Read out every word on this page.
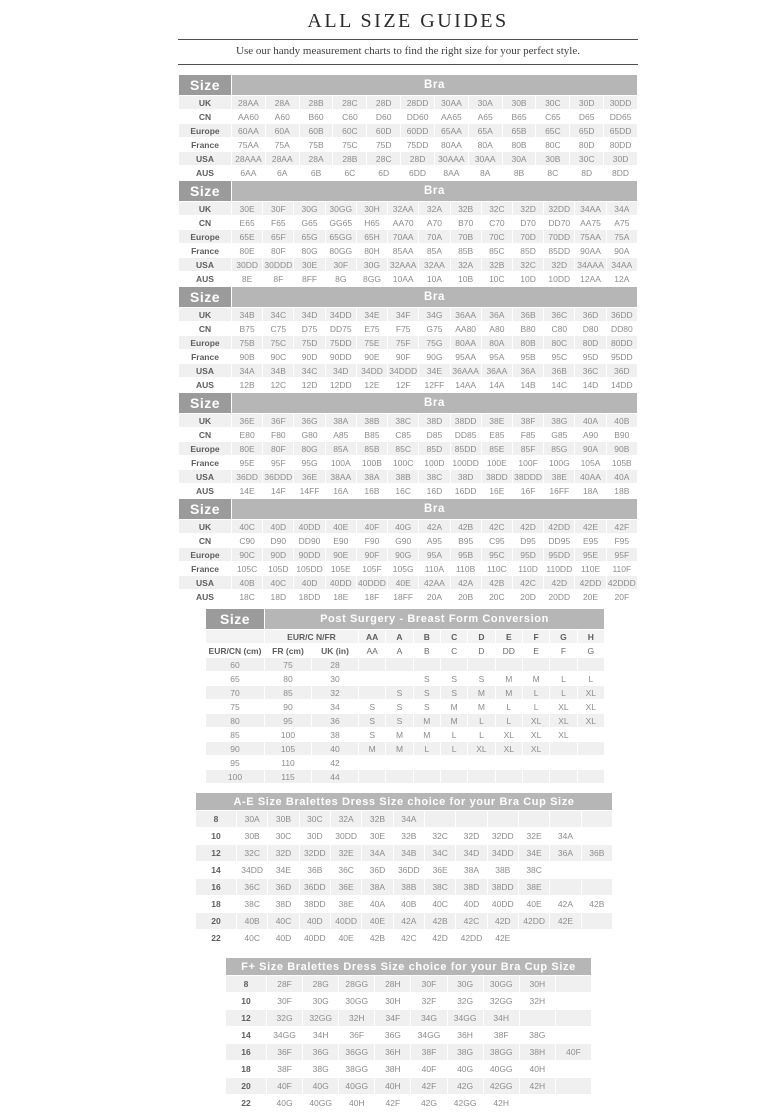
ALL SIZE GUIDES

Use our handy measurement charts to find the right size for your perfect style.

Size	Bra											
UK	28AA	28A	28B	28C	28D	28DD	30AA	30A	30B	30C	30D	30DD
CN	AA60	A60	B60	C60	D60	DD60	AA65	A65	B65	C65	D65	DD65
Europe	60AA	60A	60B	60C	60D	60DD	65AA	65A	65B	65C	65D	65DD
France	75AA	75A	75B	75C	75D	75DD	80AA	80A	80B	80C	80D	80DD
USA	28AAA	28AA	28A	28B	28C	28D	30AAA	30AA	30A	30B	30C	30D
AUS	6AA	6A	6B	6C	6D	6DD	8AA	8A	8B	8C	8D	8DD
Size	Bra												
UK	30E	30F	30G	30GG	30H	32AA	32A	32B	32C	32D	32DD	34AA	34A
CN	E65	F65	G65	GG65	H65	AA70	A70	B70	C70	D70	DD70	AA75	A75
Europe	65E	65F	65G	65GG	65H	70AA	70A	70B	70C	70D	70DD	75AA	75A
France	80E	80F	80G	80GG	80H	85AA	85A	85B	85C	85D	85DD	90AA	90A
USA	30DD	30DDD	30E	30F	30G	32AAA	32AA	32A	32B	32C	32D	34AAA	34AA
AUS	8E	8F	8FF	8G	8GG	10AA	10A	10B	10C	10D	10DD	12AA	12A
Size	Bra												
UK	34B	34C	34D	34DD	34E	34F	34G	36AA	36A	36B	36C	36D	36DD
CN	B75	C75	D75	DD75	E75	F75	G75	AA80	A80	B80	C80	D80	DD80
Europe	75B	75C	75D	75DD	75E	75F	75G	80AA	80A	80B	80C	80D	80DD
France	90B	90C	90D	90DD	90E	90F	90G	95AA	95A	95B	95C	95D	95DD
USA	34A	34B	34C	34D	34DD	34DDD	34E	36AAA	36AA	36A	36B	36C	36D
AUS	12B	12C	12D	12DD	12E	12F	12FF	14AA	14A	14B	14C	14D	14DD
Size	Bra												
UK	36E	36F	36G	38A	38B	38C	38D	38DD	38E	38F	38G	40A	40B
CN	E80	F80	G80	A85	B85	C85	D85	DD85	E85	F85	G85	A90	B90
Europe	80E	80F	80G	85A	85B	85C	85D	85DD	85E	85F	85G	90A	90B
France	95E	95F	95G	100A	100B	100C	100D	100DD	100E	100F	100G	105A	105B
USA	36DD	36DDD	36E	38AA	38A	38B	38C	38D	38DD	38DDD	38E	40AA	40A
AUS	14E	14F	14FF	16A	16B	16C	16D	16DD	16E	16F	16FF	18A	18B
Size	Bra												
UK	40C	40D	40DD	40E	40F	40G	42A	42B	42C	42D	42DD	42E	42F
CN	C90	D90	DD90	E90	F90	G90	A95	B95	C95	D95	DD95	E95	F95
Europe	90C	90D	90DD	90E	90F	90G	95A	95B	95C	95D	95DD	95E	95F
France	105C	105D	105DD	105E	105F	105G	110A	110B	110C	110D	110DD	110E	110F
USA	40B	40C	40D	40DD	40DDD	40E	42AA	42A	42B	42C	42D	42DD	42DDD
AUS	18C	18D	18DD	18E	18F	18FF	20A	20B	20C	20D	20DD	20E	20F
Size	Post Surgery - Breast Form Conversion										
	EUR/C N/FR		AA	A	B	C	D	E	F	G	H
EUR/CN (cm)	FR (cm)	UK (in)	AA	A	B	C	D	DD	E	F	G
60	75	28									
65	80	30			S	S	S	M	M	L	L
70	85	32		S	S	S	M	M	L	L	XL
75	90	34	S	S	S	M	M	L	L	XL	XL
80	95	36	S	S	M	M	L	L	XL	XL	XL
85	100	38	S	M	M	L	L	XL	XL	XL	
90	105	40	M	M	L	L	XL	XL	XL		
95	110	42									
100	115	44									
A-E Size Bralettes Dress Size choice for your Bra Cup Size												
8	30A	30B	30C	32A	32B	34A						
10	30B	30C	30D	30DD	30E	32B	32C	32D	32DD	32E	34A	
12	32C	32D	32DD	32E	34A	34B	34C	34D	34DD	34E	36A	36B
14	34DD	34E	36B	36C	36D	36DD	36E	38A	38B	38C		
16	36C	36D	36DD	36E	38A	38B	38C	38D	38DD	38E		
18	38C	38D	38DD	38E	40A	40B	40C	40D	40DD	40E	42A	42B
20	40B	40C	40D	40DD	40E	42A	42B	42C	42D	42DD	42E	
22	40C	40D	40DD	40E	42B	42C	42D	42DD	42E			
F+ Size Bralettes Dress Size choice for your Bra Cup Size									
8	28F	28G	28GG	28H	30F	30G	30GG	30H	
10	30F	30G	30GG	30H	32F	32G	32GG	32H	
12	32G	32GG	32H	34F	34G	34GG	34H		
14	34GG	34H	36F	36G	34GG	36H	38F	38G	
16	36F	36G	36GG	36H	38F	38G	38GG	38H	40F
18	38F	38G	38GG	38H	40F	40G	40GG	40H	
20	40F	40G	40GG	40H	42F	42G	42GG	42H	
22	40G	40GG	40H	42F	42G	42GG	42H		
